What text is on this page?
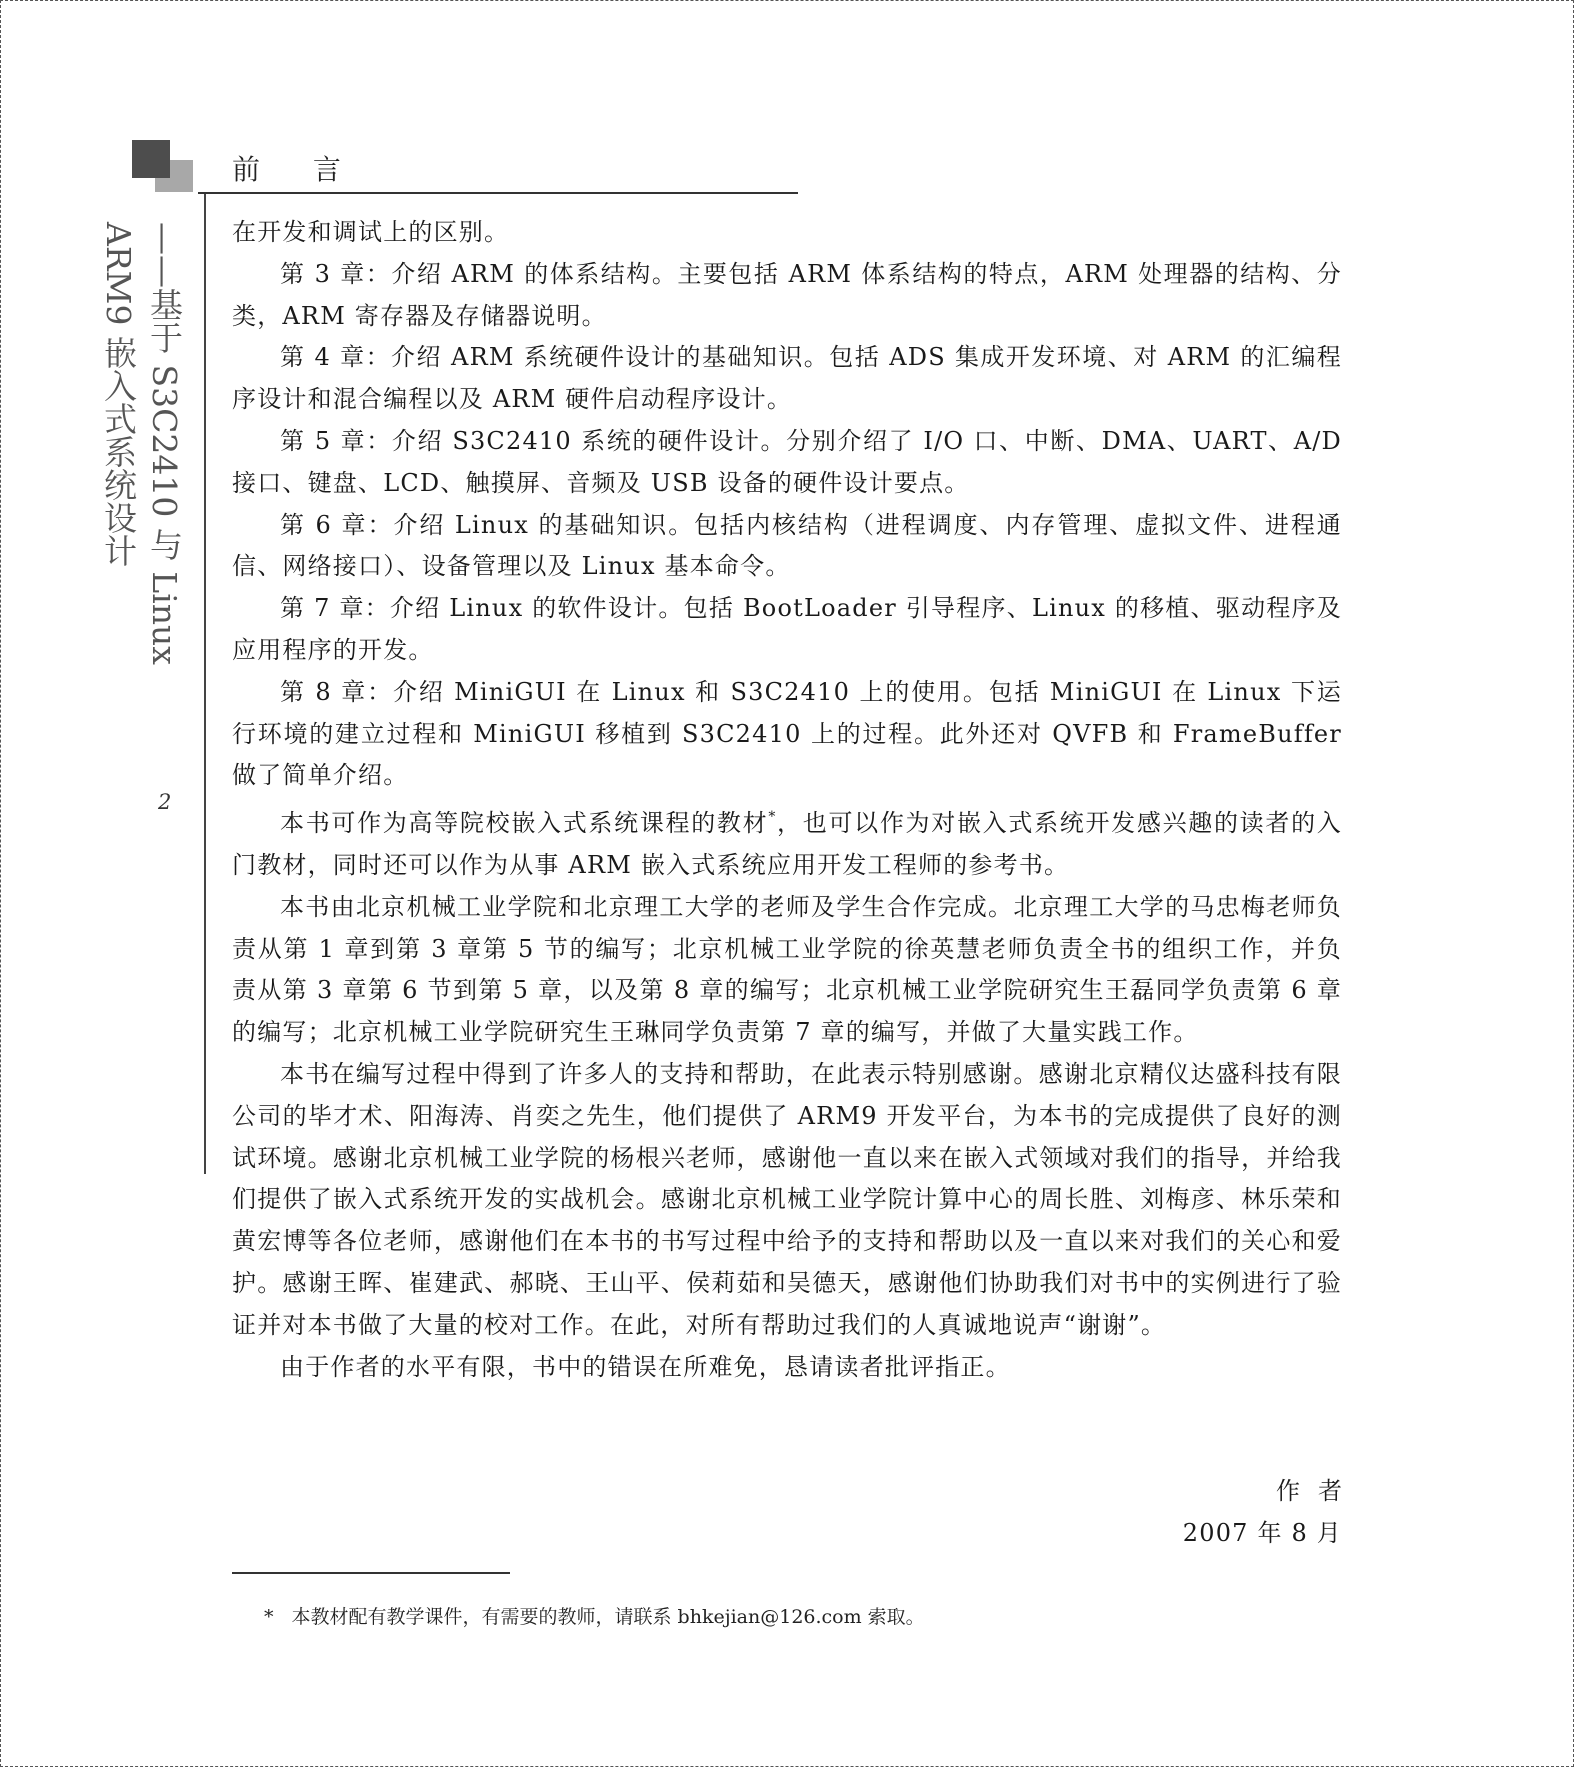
前 言
ARM9 嵌入式系统设计 ——基于 S3C2410 与 Linux
2

在开发和调试上的区别。

第 3 章：介绍 ARM 的体系结构。主要包括 ARM 体系结构的特点，ARM 处理器的结构、分类，ARM 寄存器及存储器说明。

第 4 章：介绍 ARM 系统硬件设计的基础知识。包括 ADS 集成开发环境、对 ARM 的汇编程序设计和混合编程以及 ARM 硬件启动程序设计。

第 5 章：介绍 S3C2410 系统的硬件设计。分别介绍了 I/O 口、中断、DMA、UART、A/D 接口、键盘、LCD、触摸屏、音频及 USB 设备的硬件设计要点。

第 6 章：介绍 Linux 的基础知识。包括内核结构（进程调度、内存管理、虚拟文件、进程通信、网络接口）、设备管理以及 Linux 基本命令。

第 7 章：介绍 Linux 的软件设计。包括 BootLoader 引导程序、Linux 的移植、驱动程序及应用程序的开发。

第 8 章：介绍 MiniGUI 在 Linux 和 S3C2410 上的使用。包括 MiniGUI 在 Linux 下运行环境的建立过程和 MiniGUI 移植到 S3C2410 上的过程。此外还对 QVFB 和 FrameBuffer 做了简单介绍。

本书可作为高等院校嵌入式系统课程的教材*，也可以作为对嵌入式系统开发感兴趣的读者的入门教材，同时还可以作为从事 ARM 嵌入式系统应用开发工程师的参考书。

本书由北京机械工业学院和北京理工大学的老师及学生合作完成。北京理工大学的马忠梅老师负责从第 1 章到第 3 章第 5 节的编写；北京机械工业学院的徐英慧老师负责全书的组织工作，并负责从第 3 章第 6 节到第 5 章，以及第 8 章的编写；北京机械工业学院研究生王磊同学负责第 6 章的编写；北京机械工业学院研究生王琳同学负责第 7 章的编写，并做了大量实践工作。

本书在编写过程中得到了许多人的支持和帮助，在此表示特别感谢。感谢北京精仪达盛科技有限公司的毕才术、阳海涛、肖奕之先生，他们提供了 ARM9 开发平台，为本书的完成提供了良好的测试环境。感谢北京机械工业学院的杨根兴老师，感谢他一直以来在嵌入式领域对我们的指导，并给我们提供了嵌入式系统开发的实战机会。感谢北京机械工业学院计算中心的周长胜、刘梅彦、林乐荣和黄宏博等各位老师，感谢他们在本书的书写过程中给予的支持和帮助以及一直以来对我们的关心和爱护。感谢王晖、崔建武、郝晓、王山平、侯莉茹和吴德天，感谢他们协助我们对书中的实例进行了验证并对本书做了大量的校对工作。在此，对所有帮助过我们的人真诚地说声“谢谢”。

由于作者的水平有限，书中的错误在所难免，恳请读者批评指正。

作者
2007 年 8 月
* 本教材配有教学课件，有需要的教师，请联系 bhkejian@126.com 索取。
